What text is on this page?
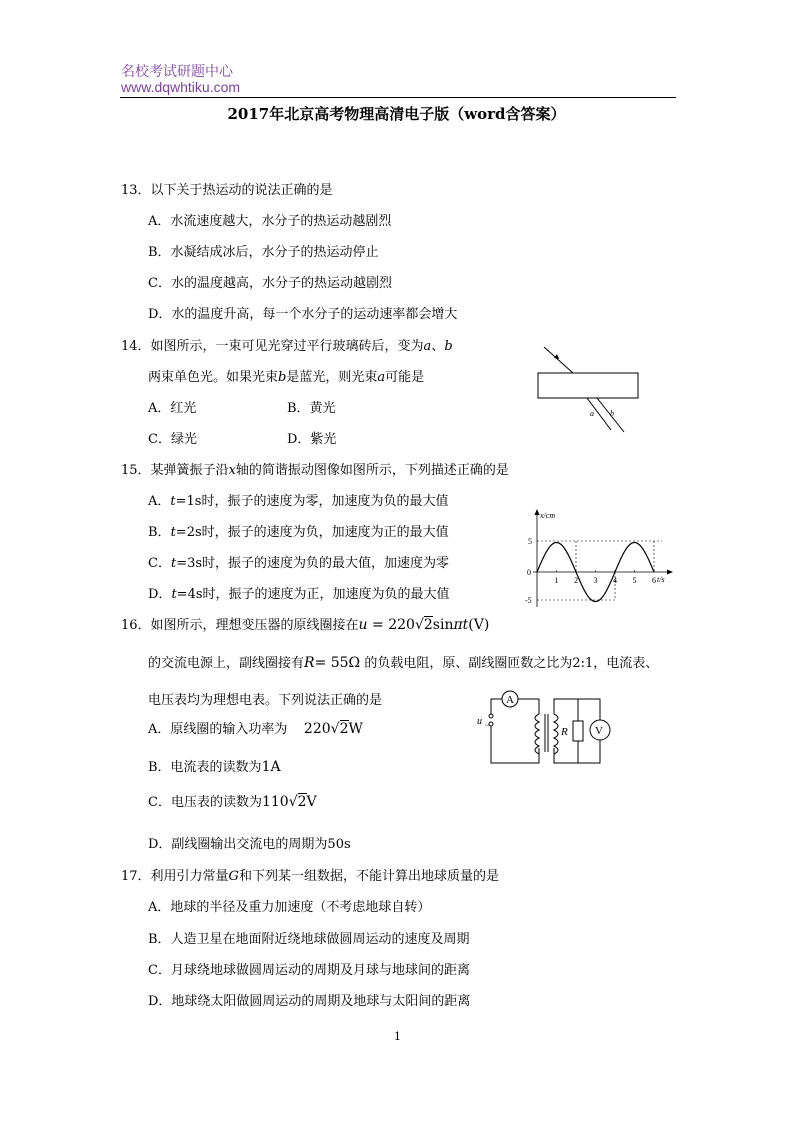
名校考试研题中心
www.dqwhtiku.com
2017年北京高考物理高清电子版（word含答案）
13．以下关于热运动的说法正确的是
A．水流速度越大，水分子的热运动越剧烈
B．水凝结成冰后，水分子的热运动停止
C．水的温度越高，水分子的热运动越剧烈
D．水的温度升高，每一个水分子的运动速率都会增大
14．如图所示，一束可见光穿过平行玻璃砖后，变为a、b
两束单色光。如果光束b是蓝光，则光束a可能是
A．红光	B．黄光
C．绿光	D．紫光
a b
15．某弹簧振子沿x轴的简谐振动图像如图所示，下列描述正确的是
A．t=1s时，振子的速度为零，加速度为负的最大值
B．t=2s时，振子的速度为负，加速度为正的最大值
C．t=3s时，振子的速度为负的最大值，加速度为零
D．t=4s时，振子的速度为正，加速度为负的最大值
x/cm
t/s
0
5
-5
1 2 3 4 5 6
16．如图所示，理想变压器的原线圈接在u = 220√2sinπt(V)
的交流电源上，副线圈接有R= 55Ω 的负载电阻，原、副线圈匝数之比为2:1，电流表、
电压表均为理想电表。下列说法正确的是
A．原线圈的输入功率为 220√2W
B．电流表的读数为1A
C．电压表的读数为110√2V
D．副线圈输出交流电的周期为50s
A
V
R
u ~
17．利用引力常量G和下列某一组数据，不能计算出地球质量的是
A．地球的半径及重力加速度（不考虑地球自转）
B．人造卫星在地面附近绕地球做圆周运动的速度及周期
C．月球绕地球做圆周运动的周期及月球与地球间的距离
D．地球绕太阳做圆周运动的周期及地球与太阳间的距离
1
